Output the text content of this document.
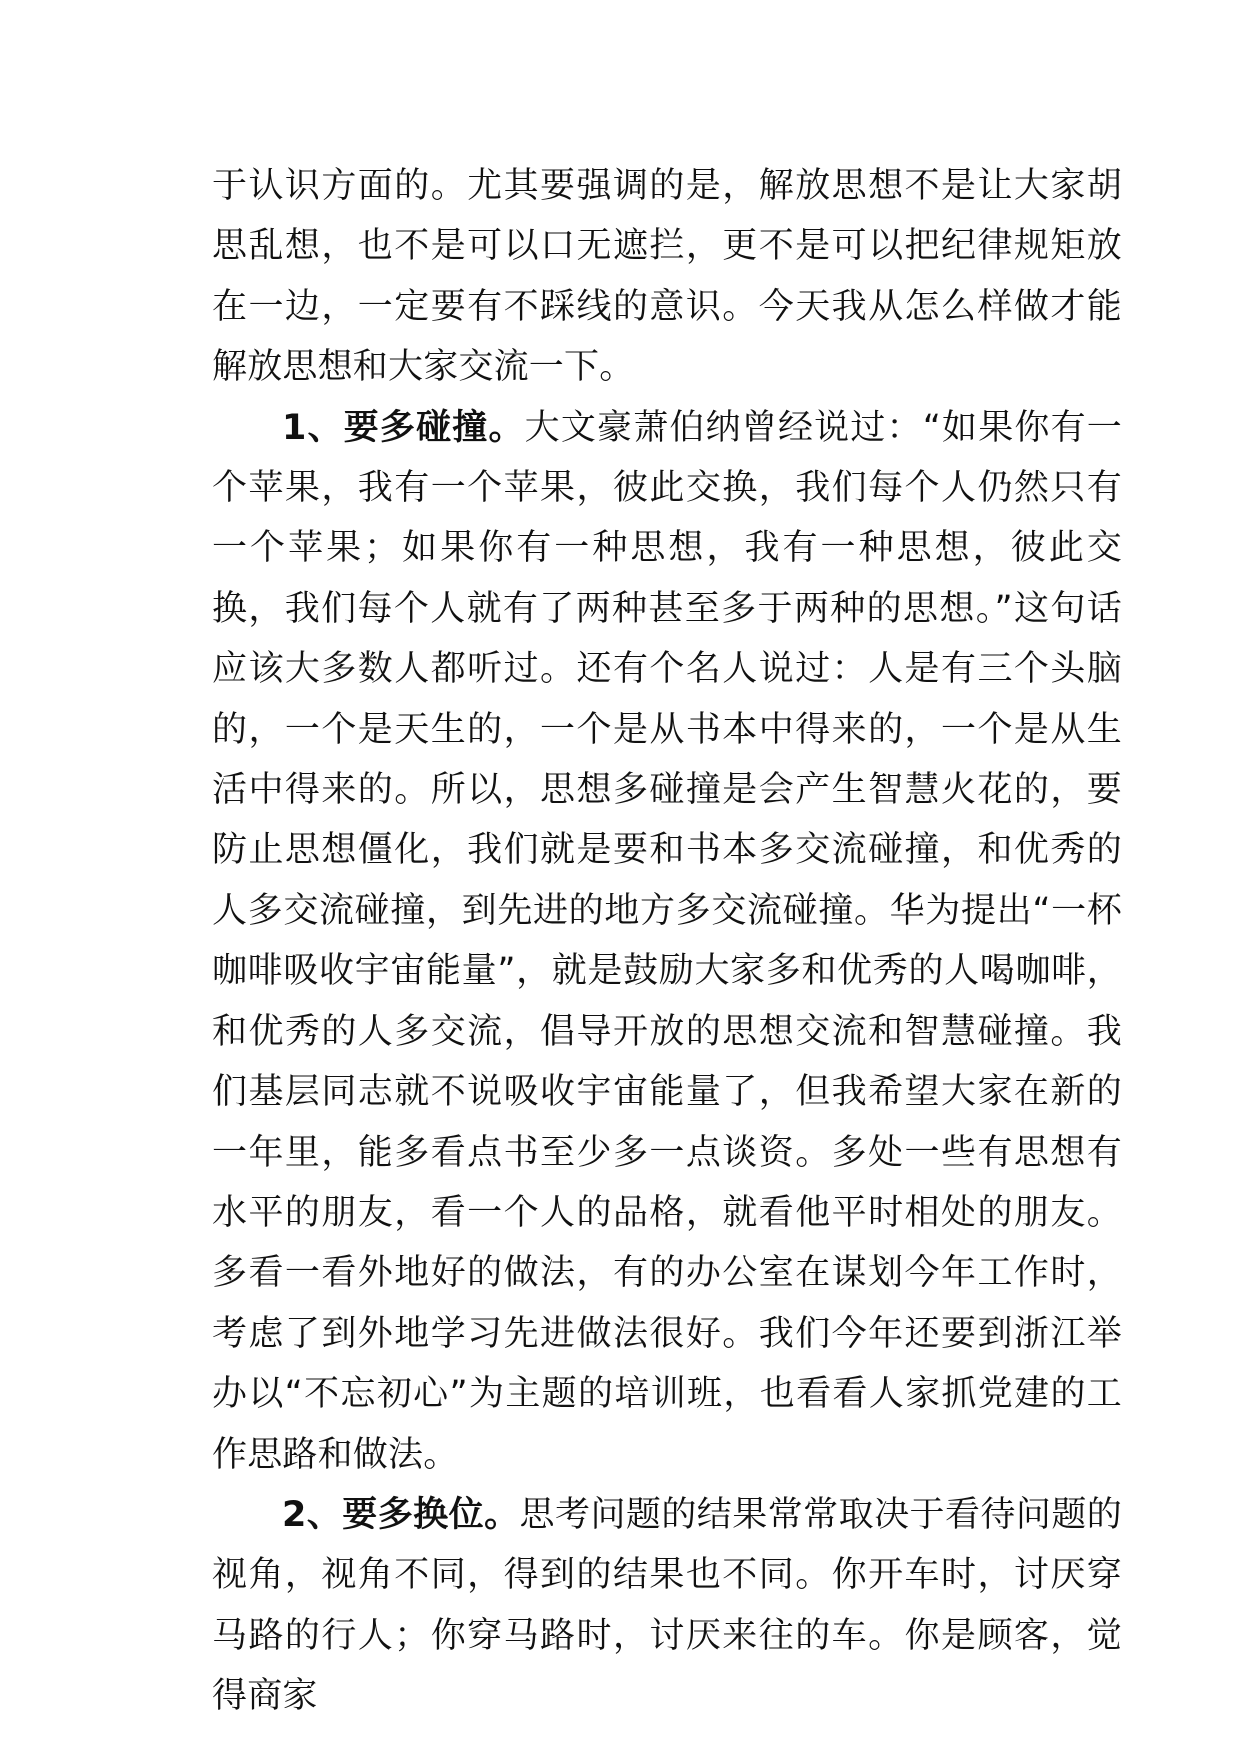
于认识方面的。尤其要强调的是，解放思想不是让大家胡思乱想，也不是可以口无遮拦，更不是可以把纪律规矩放在一边，一定要有不踩线的意识。今天我从怎么样做才能解放思想和大家交流一下。

1、要多碰撞。大文豪萧伯纳曾经说过：“如果你有一个苹果，我有一个苹果，彼此交换，我们每个人仍然只有一个苹果；如果你有一种思想，我有一种思想，彼此交换，我们每个人就有了两种甚至多于两种的思想。”这句话应该大多数人都听过。还有个名人说过：人是有三个头脑的，一个是天生的，一个是从书本中得来的，一个是从生活中得来的。所以，思想多碰撞是会产生智慧火花的，要防止思想僵化，我们就是要和书本多交流碰撞，和优秀的人多交流碰撞，到先进的地方多交流碰撞。华为提出“一杯咖啡吸收宇宙能量”，就是鼓励大家多和优秀的人喝咖啡，和优秀的人多交流，倡导开放的思想交流和智慧碰撞。我们基层同志就不说吸收宇宙能量了，但我希望大家在新的一年里，能多看点书至少多一点谈资。多处一些有思想有水平的朋友，看一个人的品格，就看他平时相处的朋友。多看一看外地好的做法，有的办公室在谋划今年工作时，考虑了到外地学习先进做法很好。我们今年还要到浙江举办以“不忘初心”为主题的培训班，也看看人家抓党建的工作思路和做法。

2、要多换位。思考问题的结果常常取决于看待问题的视角，视角不同，得到的结果也不同。你开车时，讨厌穿马路的行人；你穿马路时，讨厌来往的车。你是顾客，觉得商家
